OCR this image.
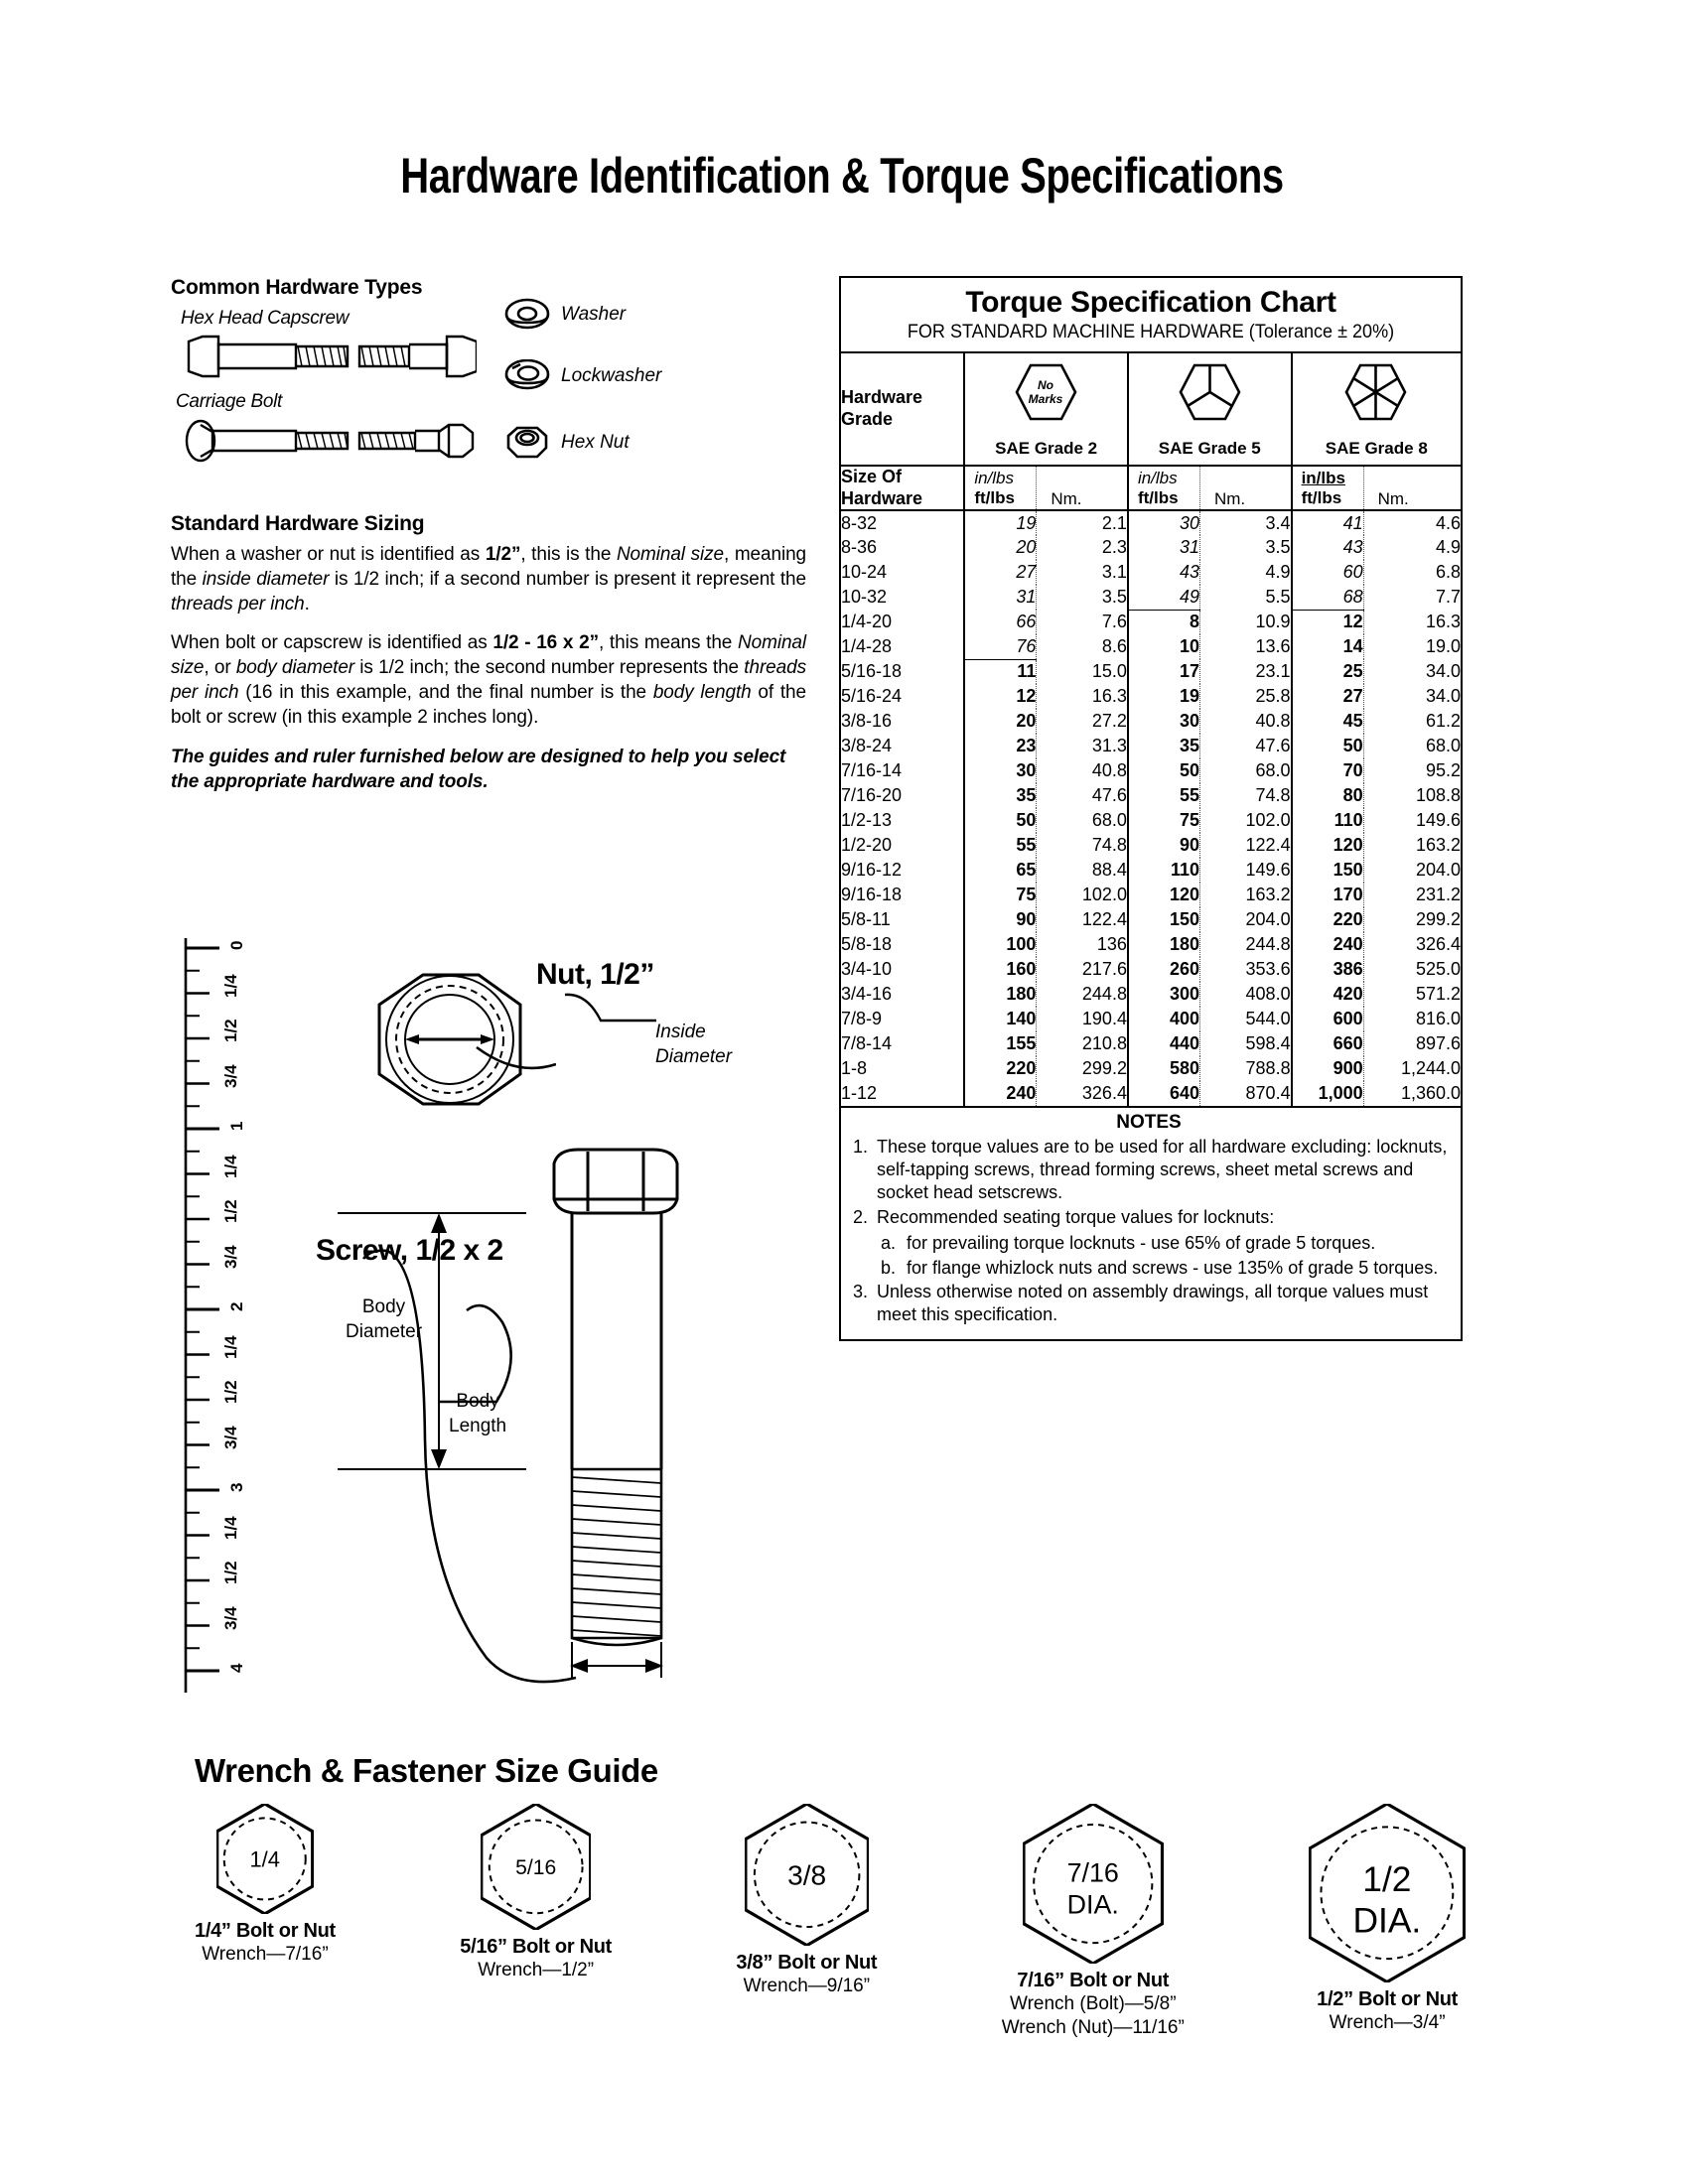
Hardware Identification & Torque Specifications
Common Hardware Types
Hex Head Capscrew
Carriage Bolt
Washer
Lockwasher
Hex Nut
Standard Hardware Sizing

When a washer or nut is identified as 1/2”, this is the Nominal size, meaning the inside diameter is 1/2 inch; if a second number is present it represent the threads per inch.

When bolt or capscrew is identified as 1/2 - 16 x 2”, this means the Nominal size, or body diameter is 1/2 inch; the second number represents the threads per inch (16 in this example, and the final number is the body length of the bolt or screw (in this example 2 inches long).

The guides and ruler furnished below are designed to help you select the appropriate hardware and tools.

0
1/4
1/2
3/4
1
1/4
1/2
3/4
2
1/4
1/2
3/4
3
1/4
1/2
3/4
4
Nut, 1/2”
Inside
Diameter
Screw, 1/2 x 2
Body
Diameter
Body
Length
Torque Specification Chart
FOR STANDARD MACHINE HARDWARE (Tolerance ± 20%)
Hardware
Grade	No
Marks
SAE Grade 2		SAE Grade 5		SAE Grade 8	

Size Of
Hardware	
in/lbs
ft/lbs	Nm.

in/lbs
ft/lbs	Nm.

in/lbs
ft/lbs	Nm.

8-32	19	2.1	30	3.4	41	4.6
8-36	20	2.3	31	3.5	43	4.9
10-24	27	3.1	43	4.9	60	6.8
10-32	31	3.5	49	5.5	68	7.7
1/4-20	66	7.6	8	10.9	12	16.3
1/4-28	76	8.6	10	13.6	14	19.0
5/16-18	11	15.0	17	23.1	25	34.0
5/16-24	12	16.3	19	25.8	27	34.0
3/8-16	20	27.2	30	40.8	45	61.2
3/8-24	23	31.3	35	47.6	50	68.0
7/16-14	30	40.8	50	68.0	70	95.2
7/16-20	35	47.6	55	74.8	80	108.8
1/2-13	50	68.0	75	102.0	110	149.6
1/2-20	55	74.8	90	122.4	120	163.2
9/16-12	65	88.4	110	149.6	150	204.0
9/16-18	75	102.0	120	163.2	170	231.2
5/8-11	90	122.4	150	204.0	220	299.2
5/8-18	100	136	180	244.8	240	326.4
3/4-10	160	217.6	260	353.6	386	525.0
3/4-16	180	244.8	300	408.0	420	571.2
7/8-9	140	190.4	400	544.0	600	816.0
7/8-14	155	210.8	440	598.4	660	897.6
1-8	220	299.2	580	788.8	900	1,244.0
1-12	240	326.4	640	870.4	1,000	1,360.0
NOTES
1. These torque values are to be used for all hardware excluding: locknuts, self-tapping screws, thread forming screws, sheet metal screws and socket head setscrews.
2. Recommended seating torque values for locknuts:
a. for prevailing torque locknuts - use 65% of grade 5 torques.
b. for flange whizlock nuts and screws - use 135% of grade 5 torques.
3. Unless otherwise noted on assembly drawings, all torque values must meet this specification.
Wrench & Fastener Size Guide
1/4
1/4” Bolt or Nut
Wrench—7/16”
5/16
5/16” Bolt or Nut
Wrench—1/2”
3/8
3/8” Bolt or Nut
Wrench—9/16”
7/16
DIA.
7/16” Bolt or Nut
Wrench (Bolt)—5/8”
Wrench (Nut)—11/16”
1/2
DIA.
1/2” Bolt or Nut
Wrench—3/4”
